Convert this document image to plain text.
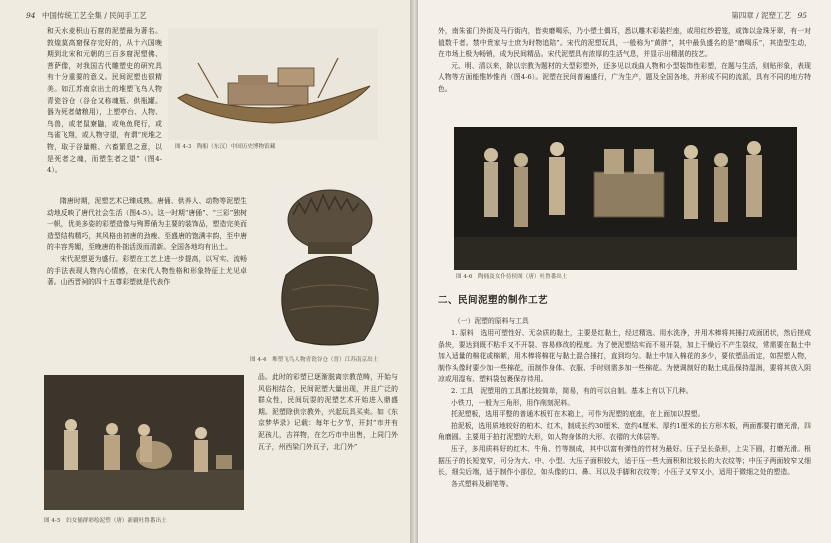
94 中国传统工艺全集 / 民间手工艺

和天水麦积山石窟的泥塑最为著名。敦煌莫高窟保存完好的，从十六国晚期到北宋和元朝的三百多窟泥塑佛、菩萨像，对我国古代雕塑史的研究具有十分重要的意义。民间泥塑也很精美。如江苏南京出土的堆塑飞鸟人物青瓷谷仓（谷仓又称魂瓶、供瓶罐。器为死者储粮用），上塑亭台、人物、鸟兽，或老鼠寮鼬，或龟鱼爬行，或鸟雀飞翔，或人物守望，有谓“庑堆之物，取于谷量帷、六畜繁息之意，以是死者之魂，而塑生者之望”（图4-4）。

隋唐时期，泥塑艺术已臻成熟。唐俑、供养人、动物等泥塑生动地反映了唐代社会生活（图4-5）。这一时期“唐俑”、“三彩”独树一帜，优美多姿的彩塑造像与殉葬俑为主要的装饰品，塑造完美而造型结构精巧，其风格由初唐的劲瘦、至盛唐的饱满丰韵，至中唐的丰容秀媚，至晚唐的朴拙活泼而清新。全国各地均有出土。

宋代泥塑更为盛行。彩塑在工艺上进一步提高，以写实、流畅的手法表现人物内心情感，在宋代人物性格和形象特征上尤见卓著。山西晋祠的四十五尊彩塑就是代表作

图 4-3　陶船（东汉）中国历史博物馆藏
图 4-4　堆塑飞鸟人物青瓷谷仓（晋）江苏南京出土
图 4-5　妇女俑群彩绘泥塑（唐）新疆吐鲁番出土

品。此时的彩塑已逐渐脱离宗教范畴，开始与风俗相结合，民间泥塑大量出现，并且广泛的群众性，民间玩耍的泥塑艺术开始进入鼎盛期。泥塑除供宗教外，兴起玩具买卖。如《东京梦华录》记载：每年七夕节，开封“市井有泥孩儿，吉祥物，在乞巧市中出售，上同门外瓦子，州西梁门外瓦子，北门外”

第四章 / 泥塑工艺 95

外，南朱雀门外街及马行街内，皆卖磨喝乐，乃小塑土偶耳，悉以雕木彩装栏座，或用红纱碧笼，或饰以金珠牙翠，有一对值数千者。禁中贵家与士庶为时物追陪”。宋代的泥塑玩具，一般称为“黄胖”，其中最负盛名的是“磨喝乐”，其造型生动，在市场上极为畅销，成为民间精品。宋代泥塑具有浓厚的生活气息，并显示出精湛的技艺。

元、明、清以来，除以宗教为题材的大型彩塑外，还多见以戏曲人物和小型装饰性彩塑，在题与生活，则贴形象，表现人物等方面能惟妙惟肖（图4-6）。泥塑在民间普遍盛行，广为生产，题及全国各地，并形成不同的流派，具有不同的地方特色。

图 4-6　陶俑及女仆侍侯图（唐）吐鲁番出土
二、民间泥塑的制作工艺
（一）泥塑的原料与工具

1. 原料　选用可塑性好、无杂质的黏土，主要是红黏土，经过精选、用水洗净，并用木棒将其捶打成面团状，然后搓成条块，要达到既不粘手又不开裂、容易修改的程度。为了使泥塑结实而不易开裂，加上干燥后不产生裂纹，常需要在黏土中加入适量的棉花或棉絮，用木棒将棉花与黏土混合捶打，直到均匀。黏土中加入棉花的多少，要依塑品而定，如捏塑人物，制作头像时要少加一些棉花，而制作身体、衣服、手时则需多加一些棉花。为使调制好的黏土成品保持湿润，要将其放入阴凉或用湿布、塑料袋包裹保存待用。

2. 工具　泥塑用的工具都比较简单，简易，有的可以自制。基本上有以下几种。

小铁刀，一般为三角形，用作削刻泥料。

托泥塑板，选用平整的普通木板钉在木箱上，可作为泥塑的底座，在上面加以捏塑。

拍泥板，选用质地较好的柏木、红木，制成长约30厘米、宽约4厘米、厚约1厘米的长方形木板，两面都要打磨光滑，四角磨圆。主要用于拍打泥塑的大形，如人物身体的大形、衣褶的大体层等。

压子，多用质料好的红木、牛角、竹等制成，其中以富有弹性的竹材为最好。压子呈长条形，上尖下圆，打磨光滑。根据压子的长短宽窄，可分为大、中、小型。大压子面积较大，适于压一些大面积和比较长的大衣纹等；中压子两面较窄又细长，细尖后端，适于制作小部位，如头像的口、鼻、耳以及手脚和衣纹等；小压子又窄又小，适用于微细之处的塑造。

各式塑料及刷笔等。
